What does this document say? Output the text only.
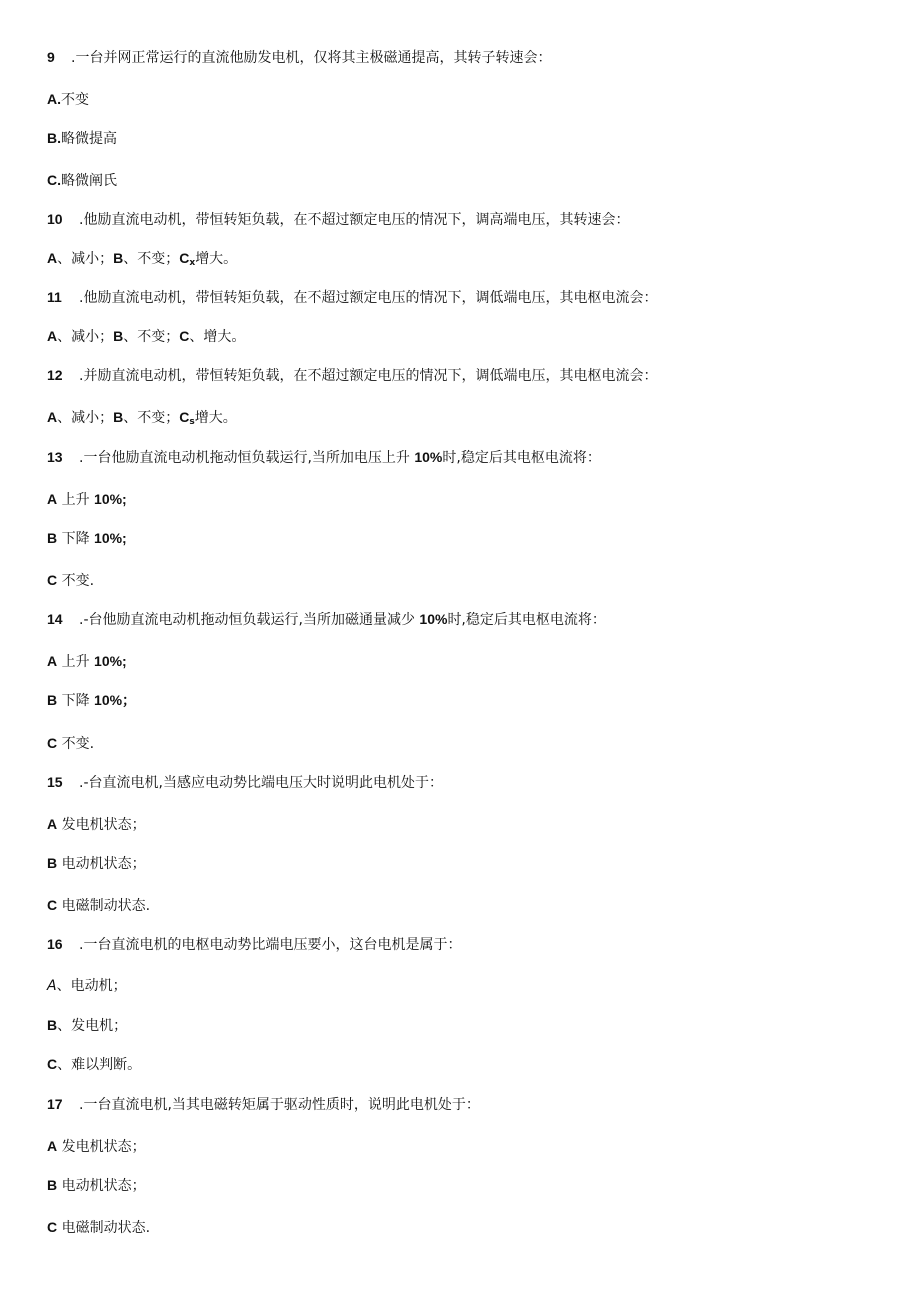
9 .一台并网正常运行的直流他励发电机，仅将其主极磁通提高，其转子转速会：
A.不变
B.略微提高
C.略微阐氏
10 .他励直流电动机，带恒转矩负载，在不超过额定电压的情况下，调高端电压，其转速会：
A、减小；B、不变；$C_x$增大。
11 .他励直流电动机，带恒转矩负载，在不超过额定电压的情况下，调低端电压，其电枢电流会：
A、减小；B、不变；C、增大。
12 .并励直流电动机，带恒转矩负载，在不超过额定电压的情况下，调低端电压，其电枢电流会：
A、减小；B、不变；$C_s$增大。
13 .一台他励直流电动机拖动恒负载运行,当所加电压上升 10%时,稳定后其电枢电流将：
A 上升 10%;
B 下降 10%;
C 不变.
14 .-台他励直流电动机拖动恒负载运行,当所加磁通量减少 10%时,稳定后其电枢电流将：
A 上升 10%;
B 下降 10%；
C 不变.
15 .-台直流电机,当感应电动势比端电压大时说明此电机处于：
A 发电机状态；
B 电动机状态；
C 电磁制动状态.
16 .一台直流电机的电枢电动势比端电压要小，这台电机是属于：
A、电动机；
B、发电机；
C、难以判断。
17 .一台直流电机,当其电磁转矩属于驱动性质时，说明此电机处于：
A 发电机状态；
B 电动机状态；
C 电磁制动状态.
